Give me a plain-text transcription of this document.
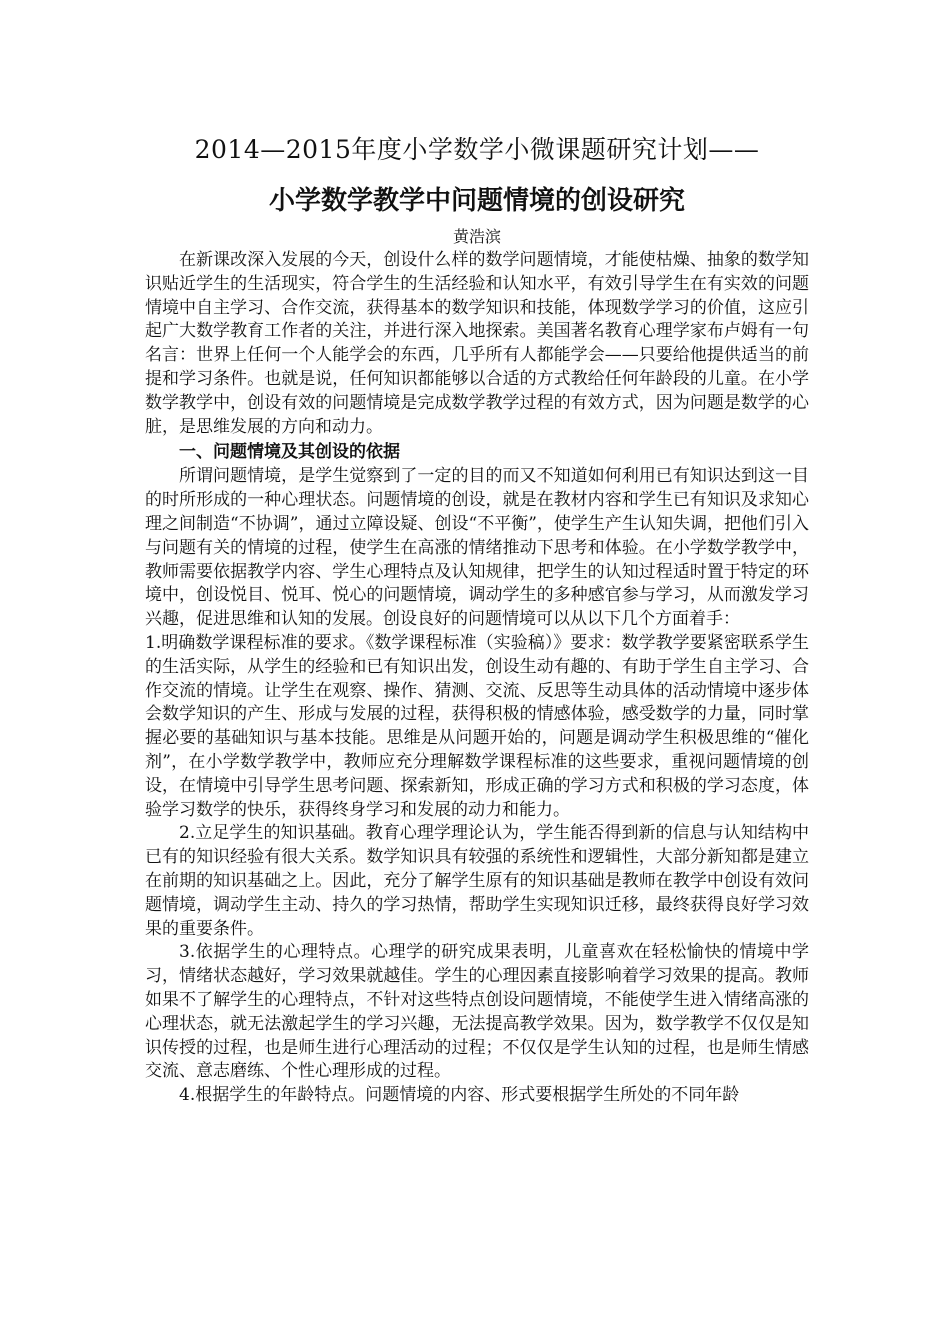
2014—2015年度小学数学小微课题研究计划——
小学数学教学中问题情境的创设研究

黄浩滨

在新课改深入发展的今天，创设什么样的数学问题情境，才能使枯燥、抽象的数学知识贴近学生的生活现实，符合学生的生活经验和认知水平，有效引导学生在有实效的问题情境中自主学习、合作交流，获得基本的数学知识和技能，体现数学学习的价值，这应引起广大数学教育工作者的关注，并进行深入地探索。美国著名教育心理学家布卢姆有一句名言：世界上任何一个人能学会的东西，几乎所有人都能学会——只要给他提供适当的前提和学习条件。也就是说，任何知识都能够以合适的方式教给任何年龄段的儿童。在小学数学教学中，创设有效的问题情境是完成数学教学过程的有效方式，因为问题是数学的心脏，是思维发展的方向和动力。

一、问题情境及其创设的依据

所谓问题情境，是学生觉察到了一定的目的而又不知道如何利用已有知识达到这一目的时所形成的一种心理状态。问题情境的创设，就是在教材内容和学生已有知识及求知心理之间制造“不协调”，通过立障设疑、创设“不平衡”，使学生产生认知失调，把他们引入与问题有关的情境的过程，使学生在高涨的情绪推动下思考和体验。在小学数学教学中，教师需要依据教学内容、学生心理特点及认知规律，把学生的认知过程适时置于特定的环境中，创设悦目、悦耳、悦心的问题情境，调动学生的多种感官参与学习，从而激发学习兴趣，促进思维和认知的发展。创设良好的问题情境可以从以下几个方面着手：

1.明确数学课程标准的要求。《数学课程标准（实验稿）》要求：数学教学要紧密联系学生的生活实际，从学生的经验和已有知识出发，创设生动有趣的、有助于学生自主学习、合作交流的情境。让学生在观察、操作、猜测、交流、反思等生动具体的活动情境中逐步体会数学知识的产生、形成与发展的过程，获得积极的情感体验，感受数学的力量，同时掌握必要的基础知识与基本技能。思维是从问题开始的，问题是调动学生积极思维的“催化剂”，在小学数学教学中，教师应充分理解数学课程标准的这些要求，重视问题情境的创设，在情境中引导学生思考问题、探索新知，形成正确的学习方式和积极的学习态度，体验学习数学的快乐，获得终身学习和发展的动力和能力。

2.立足学生的知识基础。教育心理学理论认为，学生能否得到新的信息与认知结构中已有的知识经验有很大关系。数学知识具有较强的系统性和逻辑性，大部分新知都是建立在前期的知识基础之上。因此，充分了解学生原有的知识基础是教师在教学中创设有效问题情境，调动学生主动、持久的学习热情，帮助学生实现知识迁移，最终获得良好学习效果的重要条件。

3.依据学生的心理特点。心理学的研究成果表明，儿童喜欢在轻松愉快的情境中学习，情绪状态越好，学习效果就越佳。学生的心理因素直接影响着学习效果的提高。教师如果不了解学生的心理特点，不针对这些特点创设问题情境，不能使学生进入情绪高涨的心理状态，就无法激起学生的学习兴趣，无法提高教学效果。因为，数学教学不仅仅是知识传授的过程，也是师生进行心理活动的过程；不仅仅是学生认知的过程，也是师生情感交流、意志磨练、个性心理形成的过程。

4.根据学生的年龄特点。问题情境的内容、形式要根据学生所处的不同年龄
